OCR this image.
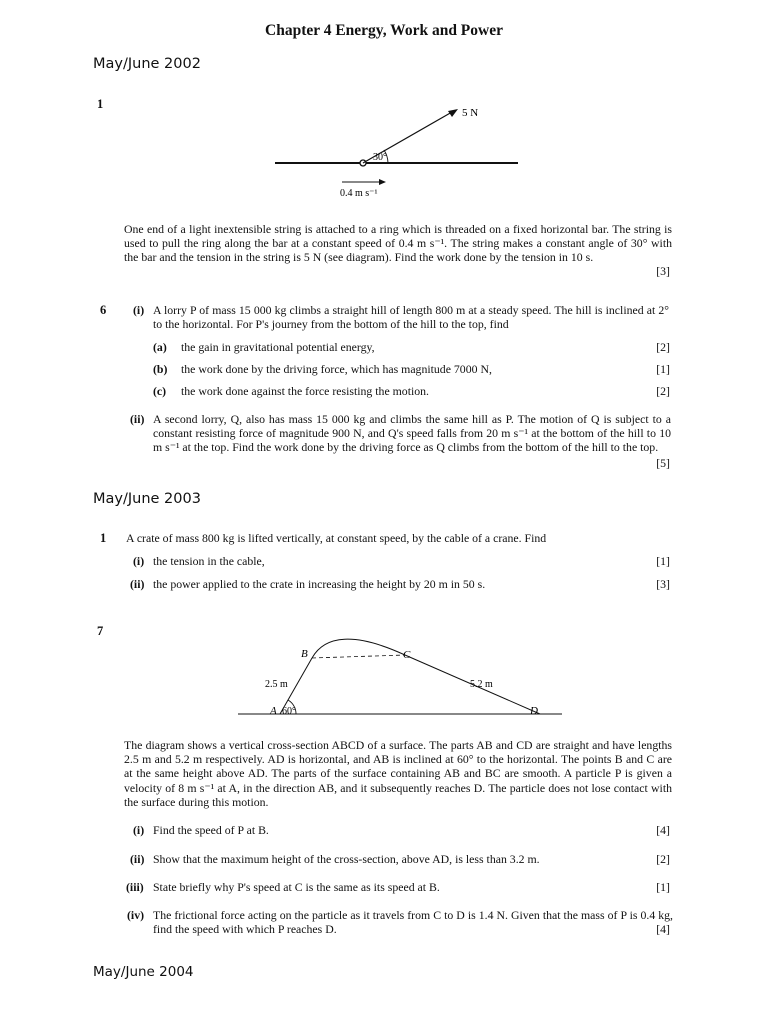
Chapter 4 Energy, Work and Power
May/June 2002
1
5 N
30°
0.4 m s⁻¹
One end of a light inextensible string is attached to a ring which is threaded on a fixed horizontal bar. The string is used to pull the ring along the bar at a constant speed of 0.4 m s⁻¹. The string makes a constant angle of 30° with the bar and the tension in the string is 5 N (see diagram). Find the work done by the tension in 10 s.
[3]
6 (i) A lorry P of mass 15 000 kg climbs a straight hill of length 800 m at a steady speed. The hill is inclined at 2° to the horizontal. For P's journey from the bottom of the hill to the top, find
(a) the gain in gravitational potential energy,	[2]
(b) the work done by the driving force, which has magnitude 7000 N,	[1]
(c) the work done against the force resisting the motion.	[2]
(ii) A second lorry, Q, also has mass 15 000 kg and climbs the same hill as P. The motion of Q is subject to a constant resisting force of magnitude 900 N, and Q's speed falls from 20 m s⁻¹ at the bottom of the hill to 10 m s⁻¹ at the top. Find the work done by the driving force as Q climbs from the bottom of the hill to the top.
[5]
May/June 2003
1 A crate of mass 800 kg is lifted vertically, at constant speed, by the cable of a crane. Find
(i) the tension in the cable,	[1]
(ii) the power applied to the crate in increasing the height by 20 m in 50 s.	[3]
7
A
B	C
D
2.5 m	5.2 m
60°
The diagram shows a vertical cross-section ABCD of a surface. The parts AB and CD are straight and have lengths 2.5 m and 5.2 m respectively. AD is horizontal, and AB is inclined at 60° to the horizontal. The points B and C are at the same height above AD. The parts of the surface containing AB and BC are smooth. A particle P is given a velocity of 8 m s⁻¹ at A, in the direction AB, and it subsequently reaches D. The particle does not lose contact with the surface during this motion.
(i) Find the speed of P at B.	[4]
(ii) Show that the maximum height of the cross-section, above AD, is less than 3.2 m.	[2]
(iii) State briefly why P's speed at C is the same as its speed at B.	[1]
(iv) The frictional force acting on the particle as it travels from C to D is 1.4 N. Given that the mass of P is 0.4 kg, find the speed with which P reaches D.	[4]
May/June 2004
